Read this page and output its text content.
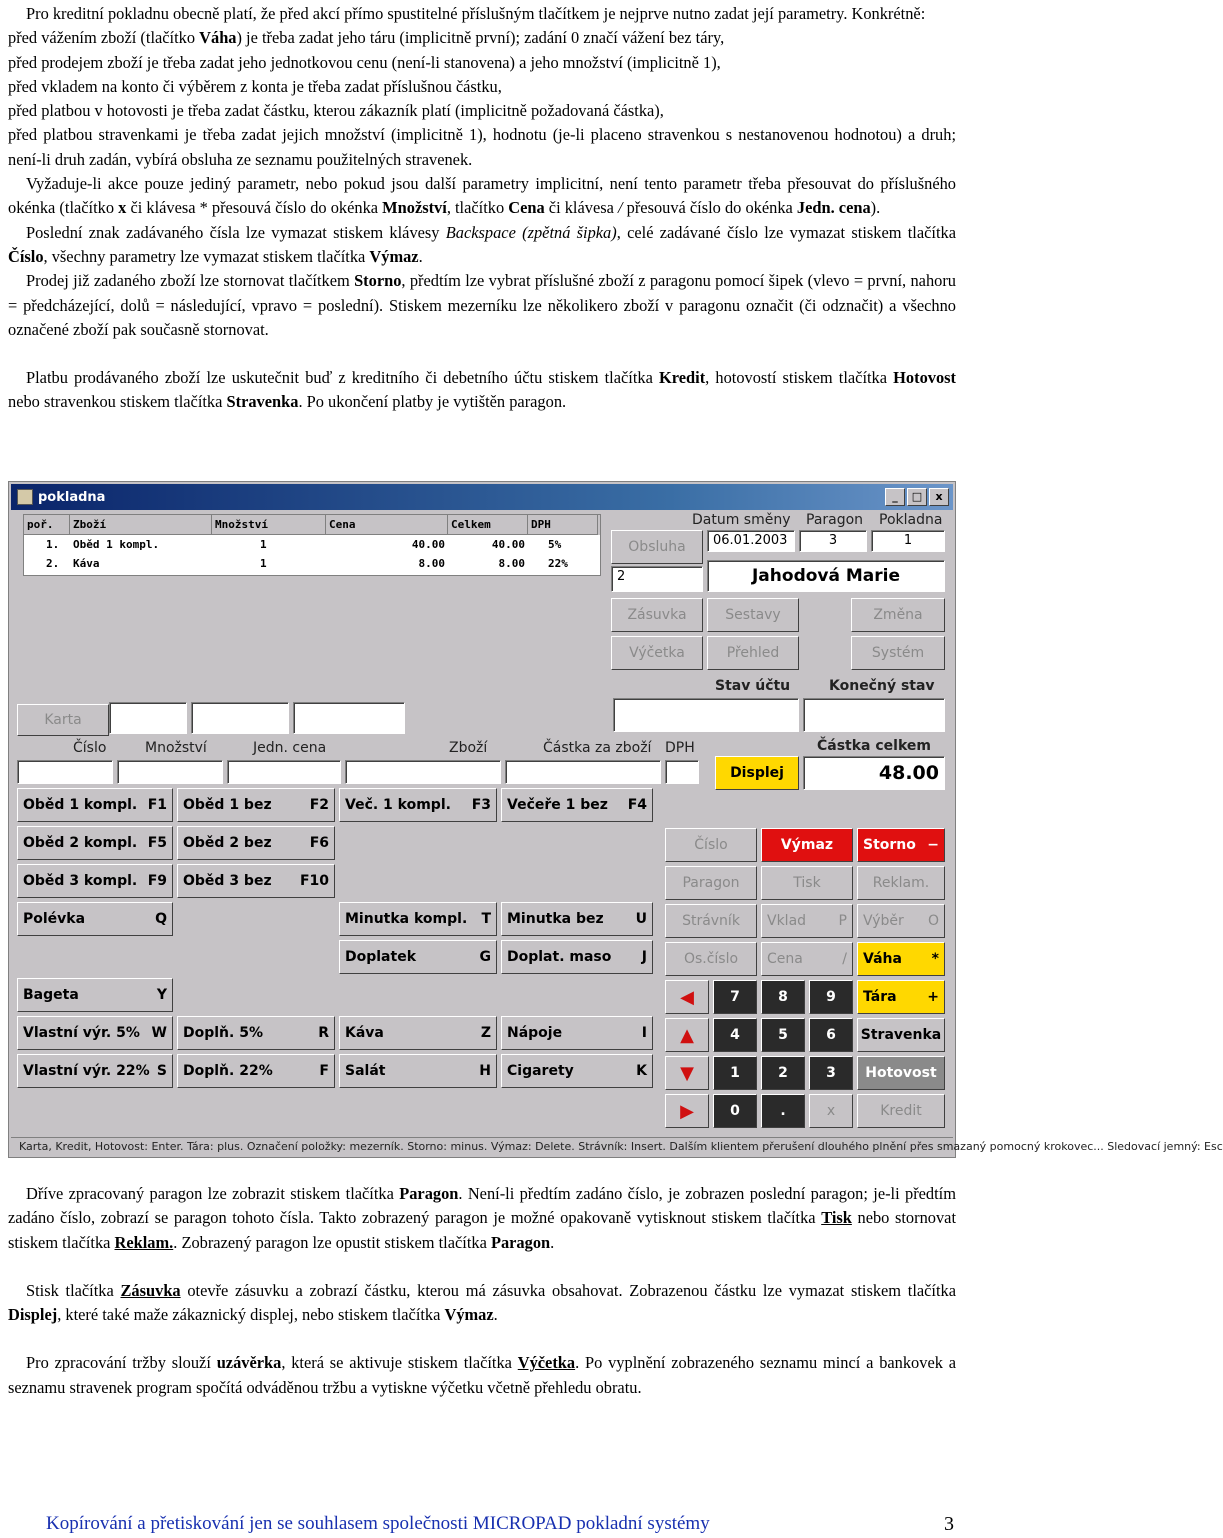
Pro kreditní pokladnu obecně platí, že před akcí přímo spustitelné příslušným tlačítkem je nejprve nutno zadat její parametry. Konkrétně:

před vážením zboží (tlačítko Váha) je třeba zadat jeho táru (implicitně první); zadání 0 značí vážení bez táry,

před prodejem zboží je třeba zadat jeho jednotkovou cenu (není-li stanovena) a jeho množství (implicitně 1),

před vkladem na konto či výběrem z konta je třeba zadat příslušnou částku,

před platbou v hotovosti je třeba zadat částku, kterou zákazník platí (implicitně požadovaná částka),

před platbou stravenkami je třeba zadat jejich množství (implicitně 1), hodnotu (je-li placeno stravenkou s nestanovenou hodnotou) a druh; není-li druh zadán, vybírá obsluha ze seznamu použitelných stravenek.

Vyžaduje-li akce pouze jediný parametr, nebo pokud jsou další parametry implicitní, není tento parametr třeba přesouvat do příslušného okénka (tlačítko x či klávesa * přesouvá číslo do okénka Množství, tlačítko Cena či klávesa / přesouvá číslo do okénka Jedn. cena).

Poslední znak zadávaného čísla lze vymazat stiskem klávesy Backspace (zpětná šipka), celé zadávané číslo lze vymazat stiskem tlačítka Číslo, všechny parametry lze vymazat stiskem tlačítka Výmaz.

Prodej již zadaného zboží lze stornovat tlačítkem Storno, předtím lze vybrat příslušné zboží z paragonu pomocí šipek (vlevo = první, nahoru = předcházející, dolů = následující, vpravo = poslední). Stiskem mezerníku lze několikero zboží v paragonu označit (či odznačit) a všechno označené zboží pak současně stornovat.

Platbu prodávaného zboží lze uskutečnit buď z kreditního či debetního účtu stiskem tlačítka Kredit, hotovostí stiskem tlačítka Hotovost nebo stravenkou stiskem tlačítka Stravenka. Po ukončení platby je vytištěn paragon.

pokladna	_	□	x
poř.	Zboží	Množství	Cena	Celkem	DPH
1.	Oběd 1 kompl.	1	40.00	40.00	5%
2.	Káva	1	8.00	8.00	22%
Datum směny Paragon Pokladna
Obsluha	06.01.2003	3	1
2	Jahodová Marie
Zásuvka	Sestavy	Změna
Výčetka	Přehled	Systém
Stav účtu	Konečný stav
Karta
Číslo	Množství	Jedn. cena	Zboží	Částka za zboží DPH	Částka celkem
Displej	48.00
Oběd 1 kompl. F1 Oběd 1 bez	F2 Več. 1 kompl. F3 Večeře 1 bez F4
Oběd 2 kompl. F5 Oběd 2 bez	F6
Oběd 3 kompl. F9 Oběd 3 bez F10
Polévka	Q	Minutka kompl. T Minutka bez U
Doplatek	G Doplat. maso J
Bageta	Y
Vlastní výr. 5% W Doplň. 5%	R Káva	Z Nápoje	I
Vlastní výr. 22% S Doplň. 22%	F Salát	H Cigarety	K
Číslo	Výmaz	Storno −
Paragon	Tisk	Reklam.
Strávník	Vklad P Výběr O
Os.číslo	Cena	/ Váha *
◀	7	8	9	Tára +
▲	4	5	6	Stravenka
▼	1	2	3	Hotovost
▶	0	.	x	Kredit
Karta, Kredit, Hotovost: Enter. Tára: plus. Označení položky: mezerník. Storno: minus. Výmaz: Delete. Strávník: Insert. Dalším klientem přerušení dlouhého plnění přes smazaný pomocný krokovec... Sledovací jemný: Esc

Dříve zpracovaný paragon lze zobrazit stiskem tlačítka Paragon. Není-li předtím zadáno číslo, je zobrazen poslední paragon; je-li předtím zadáno číslo, zobrazí se paragon tohoto čísla. Takto zobrazený paragon je možné opakovaně vytisknout stiskem tlačítka Tisk nebo stornovat stiskem tlačítka Reklam.. Zobrazený paragon lze opustit stiskem tlačítka Paragon.

Stisk tlačítka Zásuvka otevře zásuvku a zobrazí částku, kterou má zásuvka obsahovat. Zobrazenou částku lze vymazat stiskem tlačítka Displej, které také maže zákaznický displej, nebo stiskem tlačítka Výmaz.

Pro zpracování tržby slouží uzávěrka, která se aktivuje stiskem tlačítka Výčetka. Po vyplnění zobrazeného seznamu mincí a bankovek a seznamu stravenek program spočítá odváděnou tržbu a vytiskne výčetku včetně přehledu obratu.

Kopírování a přetiskování jen se souhlasem společnosti MICROPAD pokladní systémy	3
